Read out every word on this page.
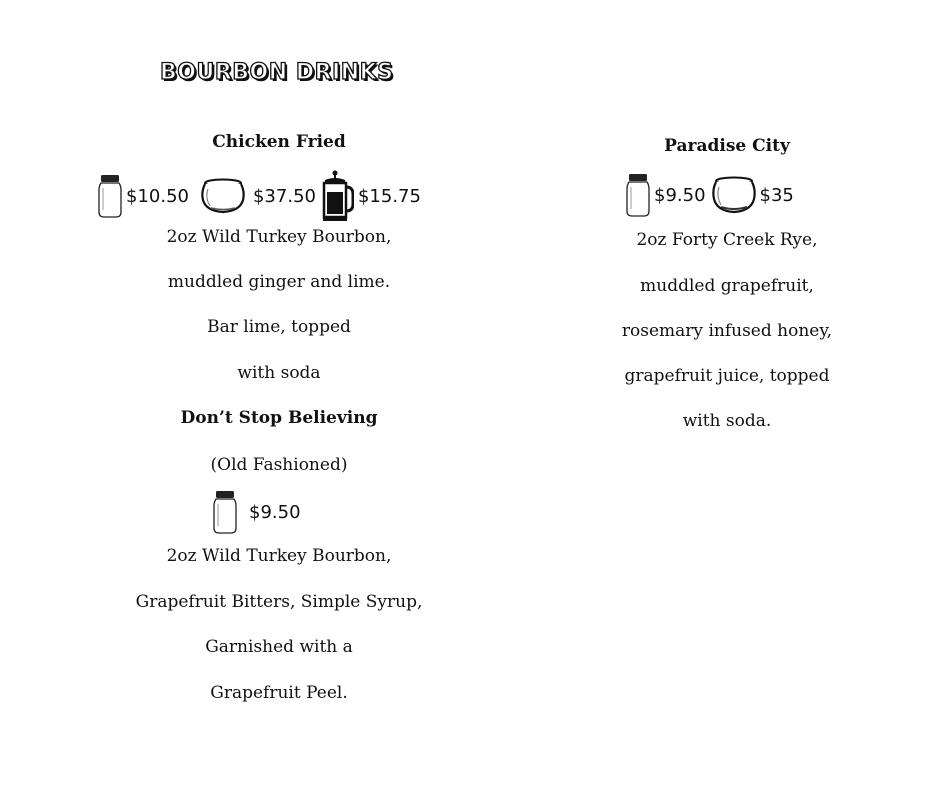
BOURBON DRINKS
Chicken Fried
$10.50	$37.50 $15.75
2oz Wild Turkey Bourbon,
muddled ginger and lime.
Bar lime, topped
with soda
Don’t Stop Believing
(Old Fashioned)
$9.50
2oz Wild Turkey Bourbon,
Grapefruit Bitters, Simple Syrup,
Garnished with a
Grapefruit Peel.
Paradise City
$9.50	$35
2oz Forty Creek Rye,
muddled grapefruit,
rosemary infused honey,
grapefruit juice, topped
with soda.
